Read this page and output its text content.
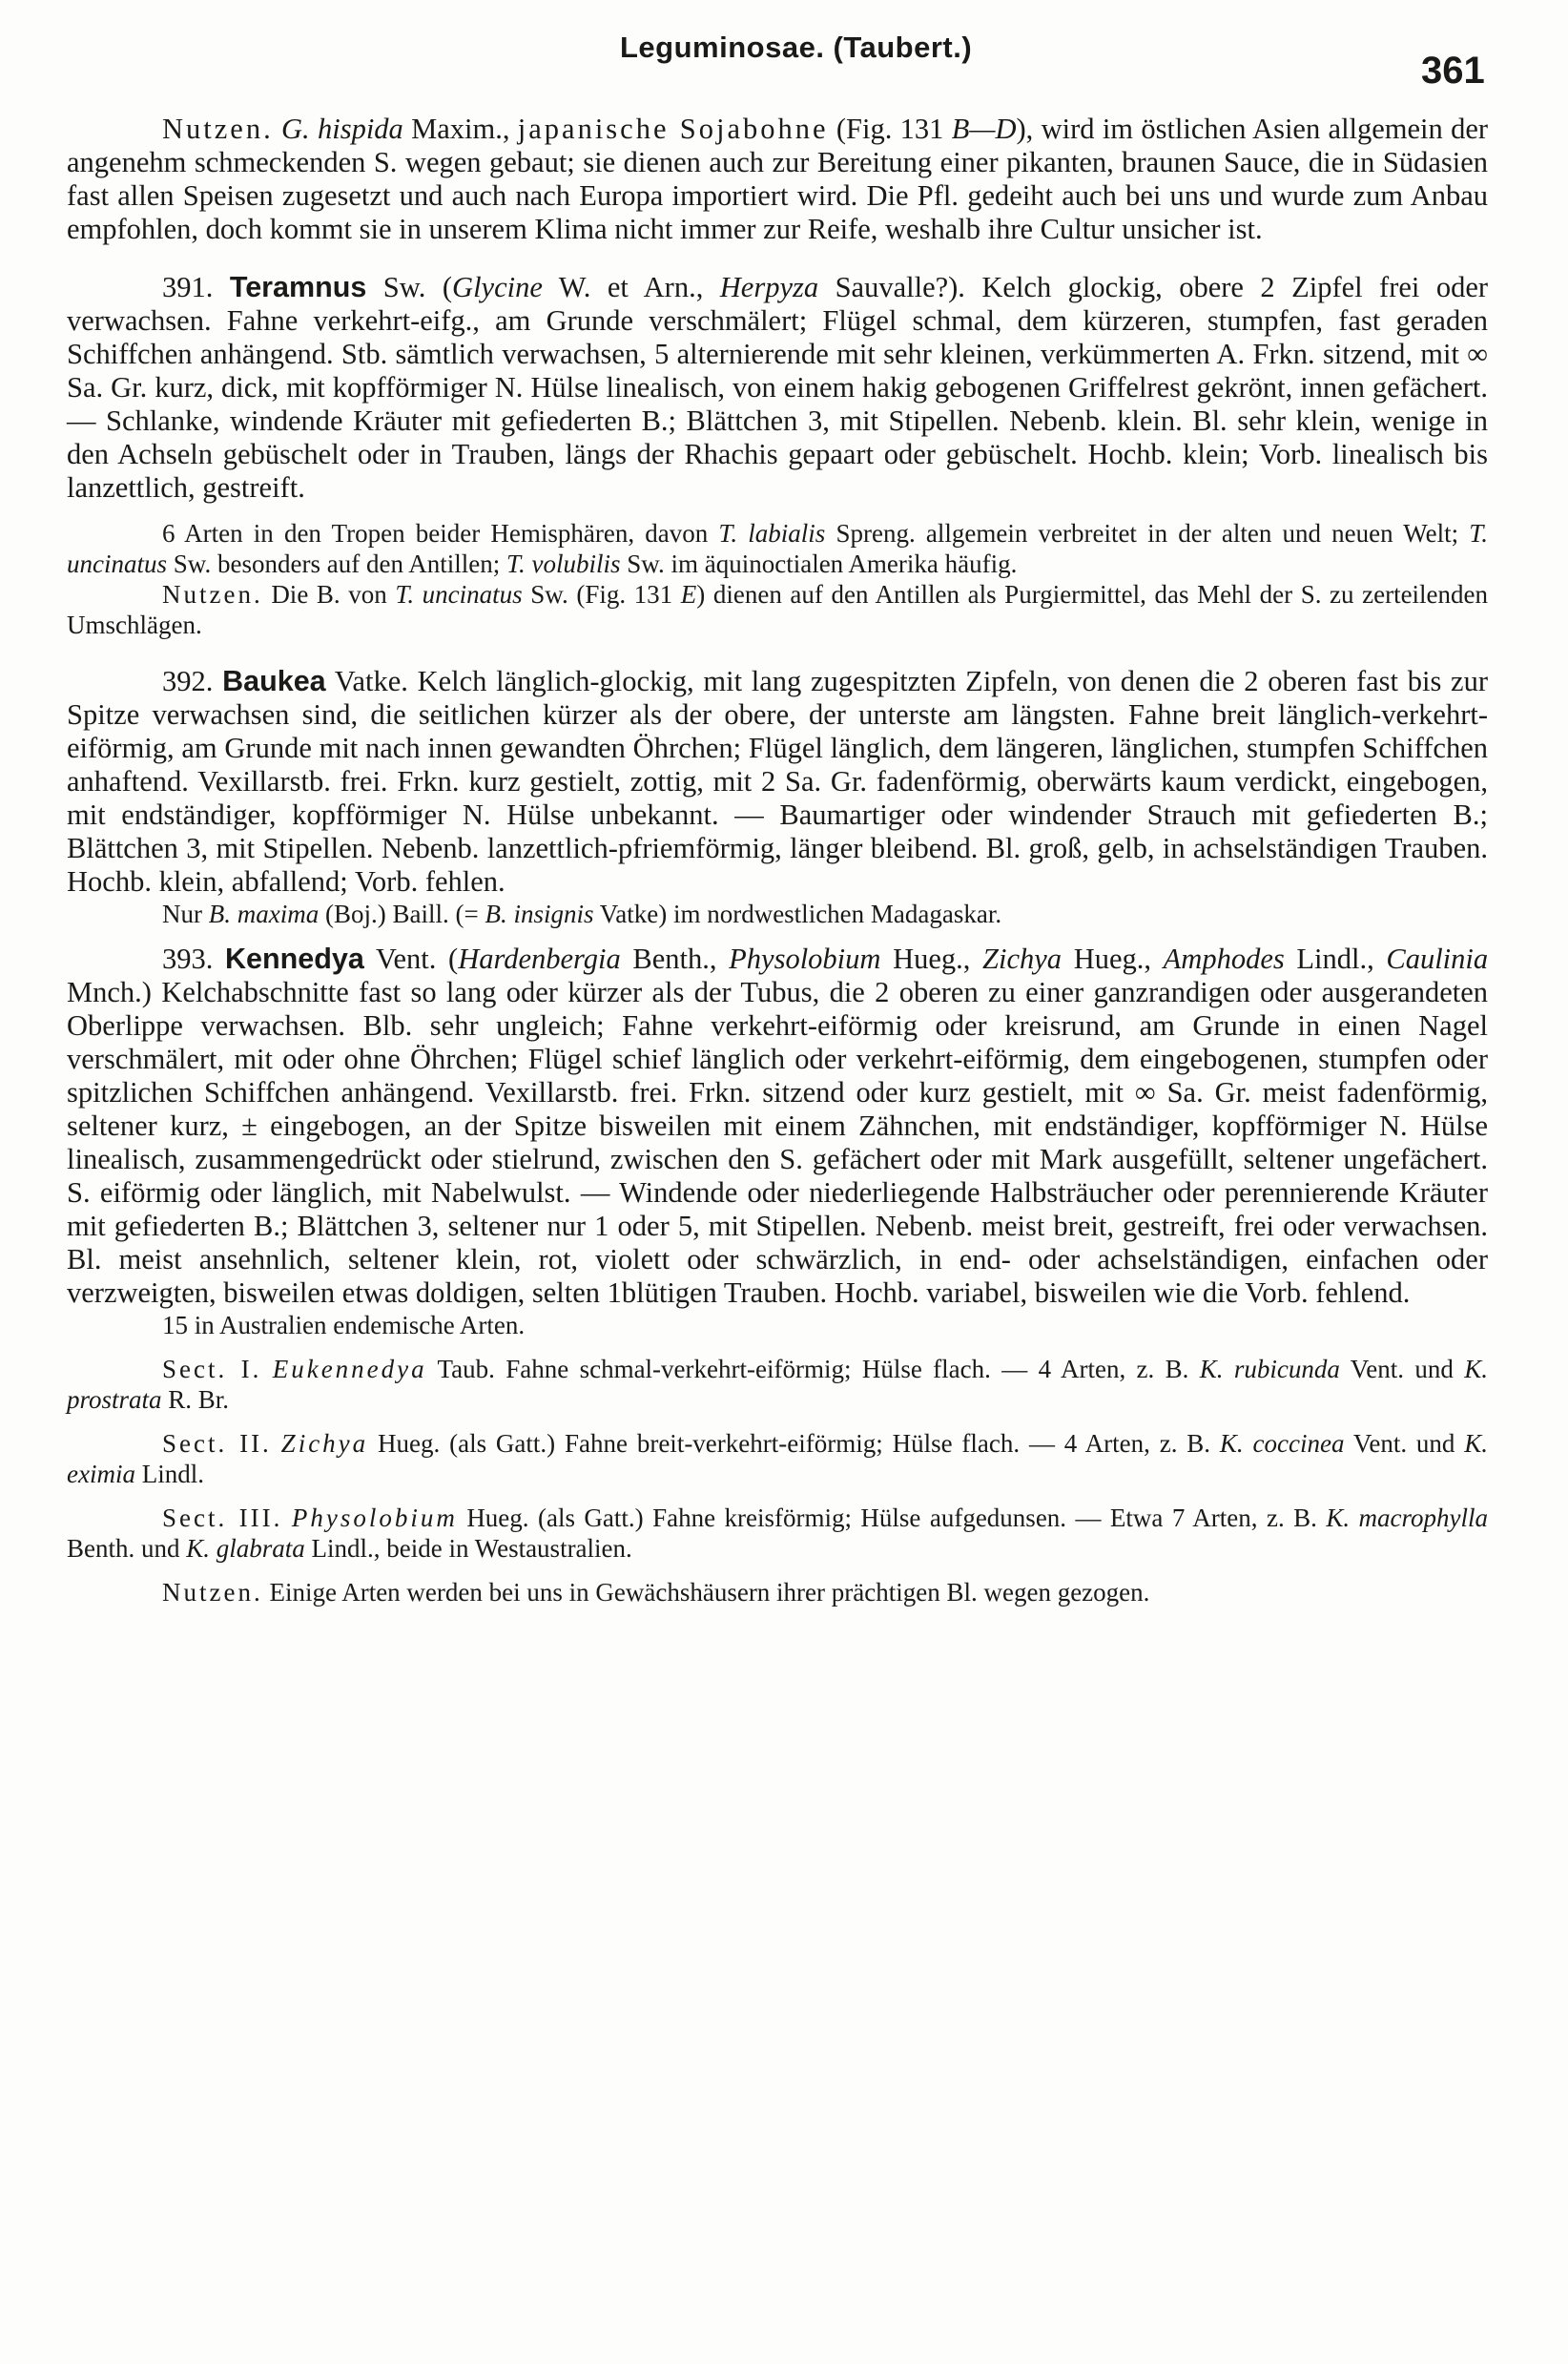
Leguminosae. (Taubert.)
361

Nutzen. G. hispida Maxim., japanische Sojabohne (Fig. 131 B—D), wird im östlichen Asien allgemein der angenehm schmeckenden S. wegen gebaut; sie dienen auch zur Bereitung einer pikanten, braunen Sauce, die in Südasien fast allen Speisen zugesetzt und auch nach Europa importiert wird. Die Pfl. gedeiht auch bei uns und wurde zum Anbau empfohlen, doch kommt sie in unserem Klima nicht immer zur Reife, weshalb ihre Cultur unsicher ist.

391. Teramnus Sw. (Glycine W. et Arn., Herpyza Sauvalle?). Kelch glockig, obere 2 Zipfel frei oder verwachsen. Fahne verkehrt-eifg., am Grunde verschmälert; Flügel schmal, dem kürzeren, stumpfen, fast geraden Schiffchen anhängend. Stb. sämtlich verwachsen, 5 alternierende mit sehr kleinen, verkümmerten A. Frkn. sitzend, mit ∞ Sa. Gr. kurz, dick, mit kopfförmiger N. Hülse linealisch, von einem hakig gebogenen Griffelrest gekrönt, innen gefächert. — Schlanke, windende Kräuter mit gefiederten B.; Blättchen 3, mit Stipellen. Nebenb. klein. Bl. sehr klein, wenige in den Achseln gebüschelt oder in Trauben, längs der Rhachis gepaart oder gebüschelt. Hochb. klein; Vorb. linealisch bis lanzettlich, gestreift.

6 Arten in den Tropen beider Hemisphären, davon T. labialis Spreng. allgemein verbreitet in der alten und neuen Welt; T. uncinatus Sw. besonders auf den Antillen; T. volubilis Sw. im äquinoctialen Amerika häufig.

Nutzen. Die B. von T. uncinatus Sw. (Fig. 131 E) dienen auf den Antillen als Purgiermittel, das Mehl der S. zu zerteilenden Umschlägen.

392. Baukea Vatke. Kelch länglich-glockig, mit lang zugespitzten Zipfeln, von denen die 2 oberen fast bis zur Spitze verwachsen sind, die seitlichen kürzer als der obere, der unterste am längsten. Fahne breit länglich-verkehrt-eiförmig, am Grunde mit nach innen gewandten Öhrchen; Flügel länglich, dem längeren, länglichen, stumpfen Schiffchen anhaftend. Vexillarstb. frei. Frkn. kurz gestielt, zottig, mit 2 Sa. Gr. fadenförmig, oberwärts kaum verdickt, eingebogen, mit endständiger, kopfförmiger N. Hülse unbekannt. — Baumartiger oder windender Strauch mit gefiederten B.; Blättchen 3, mit Stipellen. Nebenb. lanzettlich-pfriemförmig, länger bleibend. Bl. groß, gelb, in achselständigen Trauben. Hochb. klein, abfallend; Vorb. fehlen.

Nur B. maxima (Boj.) Baill. (= B. insignis Vatke) im nordwestlichen Madagaskar.

393. Kennedya Vent. (Hardenbergia Benth., Physolobium Hueg., Zichya Hueg., Amphodes Lindl., Caulinia Mnch.) Kelchabschnitte fast so lang oder kürzer als der Tubus, die 2 oberen zu einer ganzrandigen oder ausgerandeten Oberlippe verwachsen. Blb. sehr ungleich; Fahne verkehrt-eiförmig oder kreisrund, am Grunde in einen Nagel verschmälert, mit oder ohne Öhrchen; Flügel schief länglich oder verkehrt-eiförmig, dem eingebogenen, stumpfen oder spitzlichen Schiffchen anhängend. Vexillarstb. frei. Frkn. sitzend oder kurz gestielt, mit ∞ Sa. Gr. meist fadenförmig, seltener kurz, ± eingebogen, an der Spitze bisweilen mit einem Zähnchen, mit endständiger, kopfförmiger N. Hülse linealisch, zusammengedrückt oder stielrund, zwischen den S. gefächert oder mit Mark ausgefüllt, seltener ungefächert. S. eiförmig oder länglich, mit Nabelwulst. — Windende oder niederliegende Halbsträucher oder perennierende Kräuter mit gefiederten B.; Blättchen 3, seltener nur 1 oder 5, mit Stipellen. Nebenb. meist breit, gestreift, frei oder verwachsen. Bl. meist ansehnlich, seltener klein, rot, violett oder schwärzlich, in end- oder achselständigen, einfachen oder verzweigten, bisweilen etwas doldigen, selten 1blütigen Trauben. Hochb. variabel, bisweilen wie die Vorb. fehlend.

15 in Australien endemische Arten.

Sect. I. Eukennedya Taub. Fahne schmal-verkehrt-eiförmig; Hülse flach. — 4 Arten, z. B. K. rubicunda Vent. und K. prostrata R. Br.

Sect. II. Zichya Hueg. (als Gatt.) Fahne breit-verkehrt-eiförmig; Hülse flach. — 4 Arten, z. B. K. coccinea Vent. und K. eximia Lindl.

Sect. III. Physolobium Hueg. (als Gatt.) Fahne kreisförmig; Hülse aufgedunsen. — Etwa 7 Arten, z. B. K. macrophylla Benth. und K. glabrata Lindl., beide in Westaustralien.

Nutzen. Einige Arten werden bei uns in Gewächshäusern ihrer prächtigen Bl. wegen gezogen.
